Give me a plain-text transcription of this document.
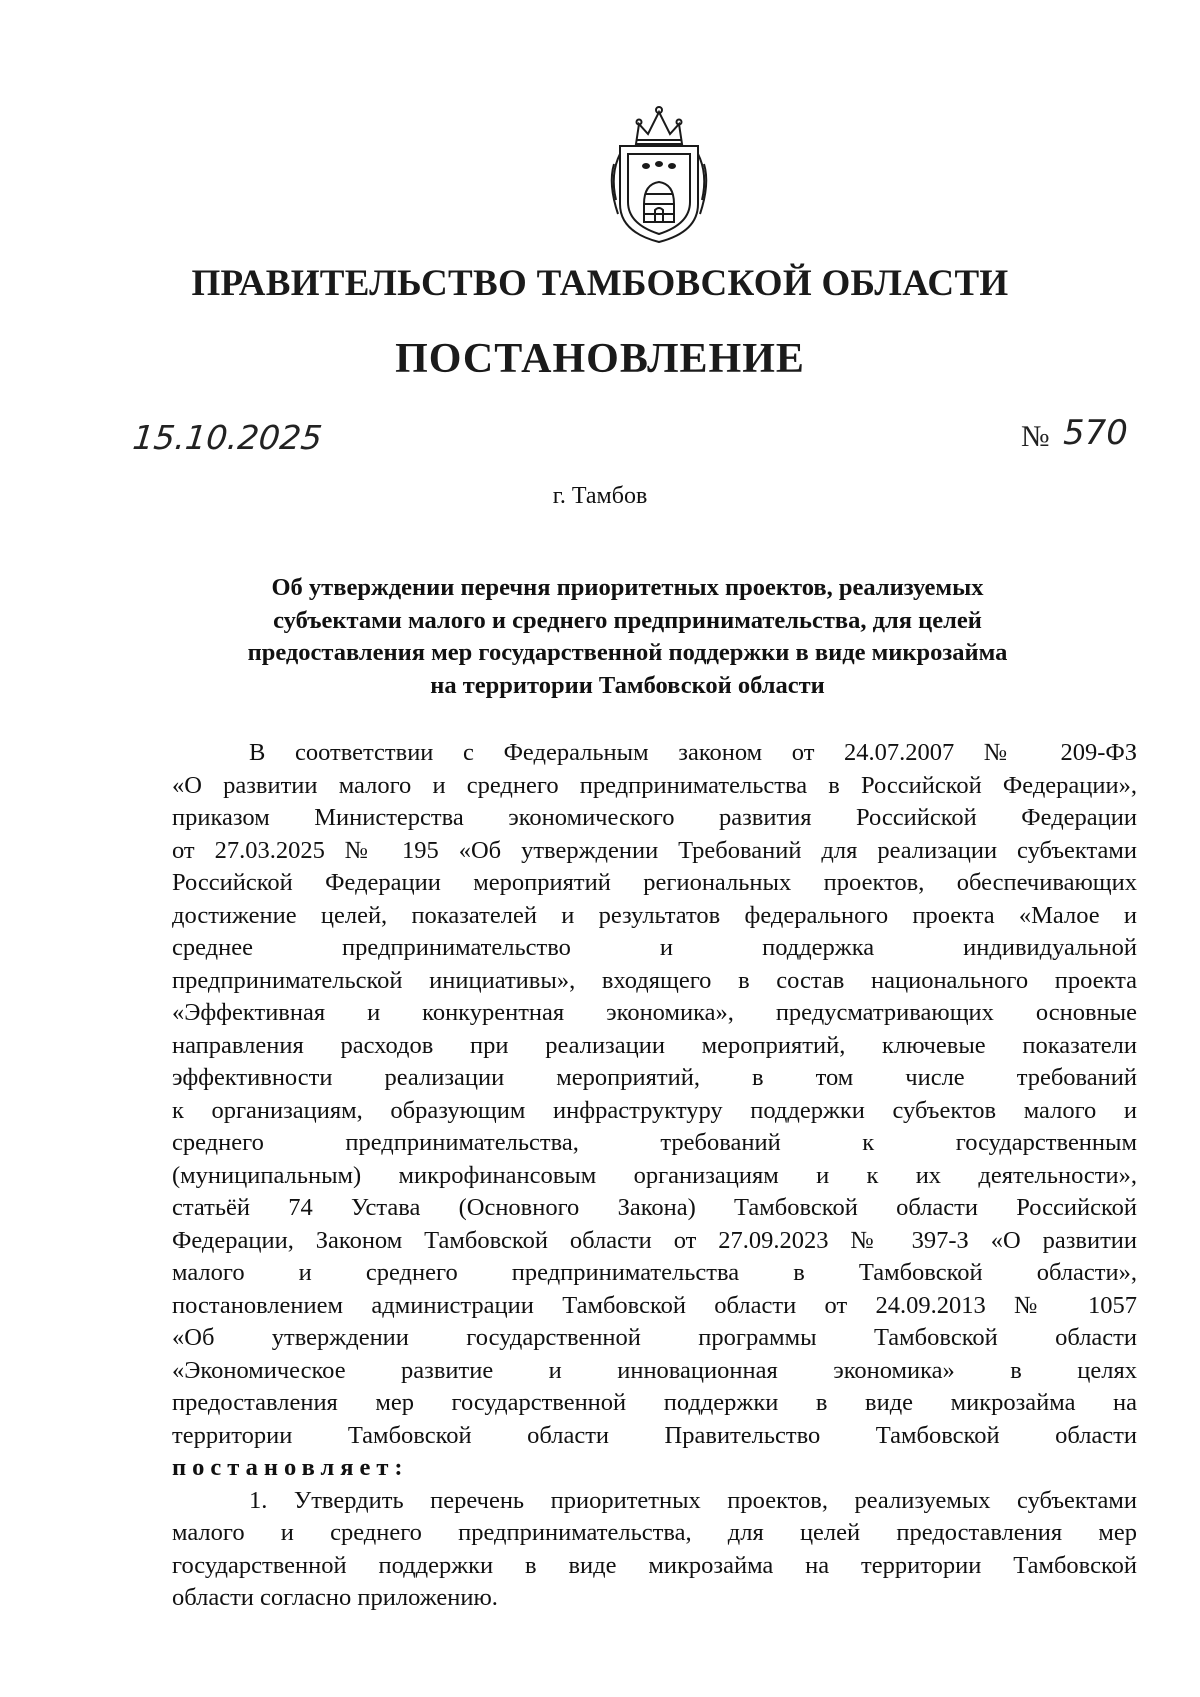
ПРАВИТЕЛЬСТВО ТАМБОВСКОЙ ОБЛАСТИ
ПОСТАНОВЛЕНИЕ
15.10.2025	№ 570
г. Тамбов
Об утверждении перечня приоритетных проектов, реализуемых
субъектами малого и среднего предпринимательства, для целей
предоставления мер государственной поддержки в виде микрозайма
на территории Тамбовской области
В соответствии с Федеральным законом от 24.07.2007 № 209-ФЗ
«О развитии малого и среднего предпринимательства в Российской Федерации»,
приказом Министерства экономического развития Российской Федерации
от 27.03.2025 № 195 «Об утверждении Требований для реализации субъектами
Российской Федерации мероприятий региональных проектов, обеспечивающих
достижение целей, показателей и результатов федерального проекта «Малое и
среднее предпринимательство и поддержка индивидуальной
предпринимательской инициативы», входящего в состав национального проекта
«Эффективная и конкурентная экономика», предусматривающих основные
направления расходов при реализации мероприятий, ключевые показатели
эффективности реализации мероприятий, в том числе требований
к организациям, образующим инфраструктуру поддержки субъектов малого и
среднего предпринимательства, требований к государственным
(муниципальным) микрофинансовым организациям и к их деятельности»,
статьёй 74 Устава (Основного Закона) Тамбовской области Российской
Федерации, Законом Тамбовской области от 27.09.2023 № 397-З «О развитии
малого и среднего предпринимательства в Тамбовской области»,
постановлением администрации Тамбовской области от 24.09.2013 № 1057
«Об утверждении государственной программы Тамбовской области
«Экономическое развитие и инновационная экономика» в целях
предоставления мер государственной поддержки в виде микрозайма на
территории Тамбовской области Правительство Тамбовской области
постановляет:
1. Утвердить перечень приоритетных проектов, реализуемых субъектами
малого и среднего предпринимательства, для целей предоставления мер
государственной поддержки в виде микрозайма на территории Тамбовской
области согласно приложению.
